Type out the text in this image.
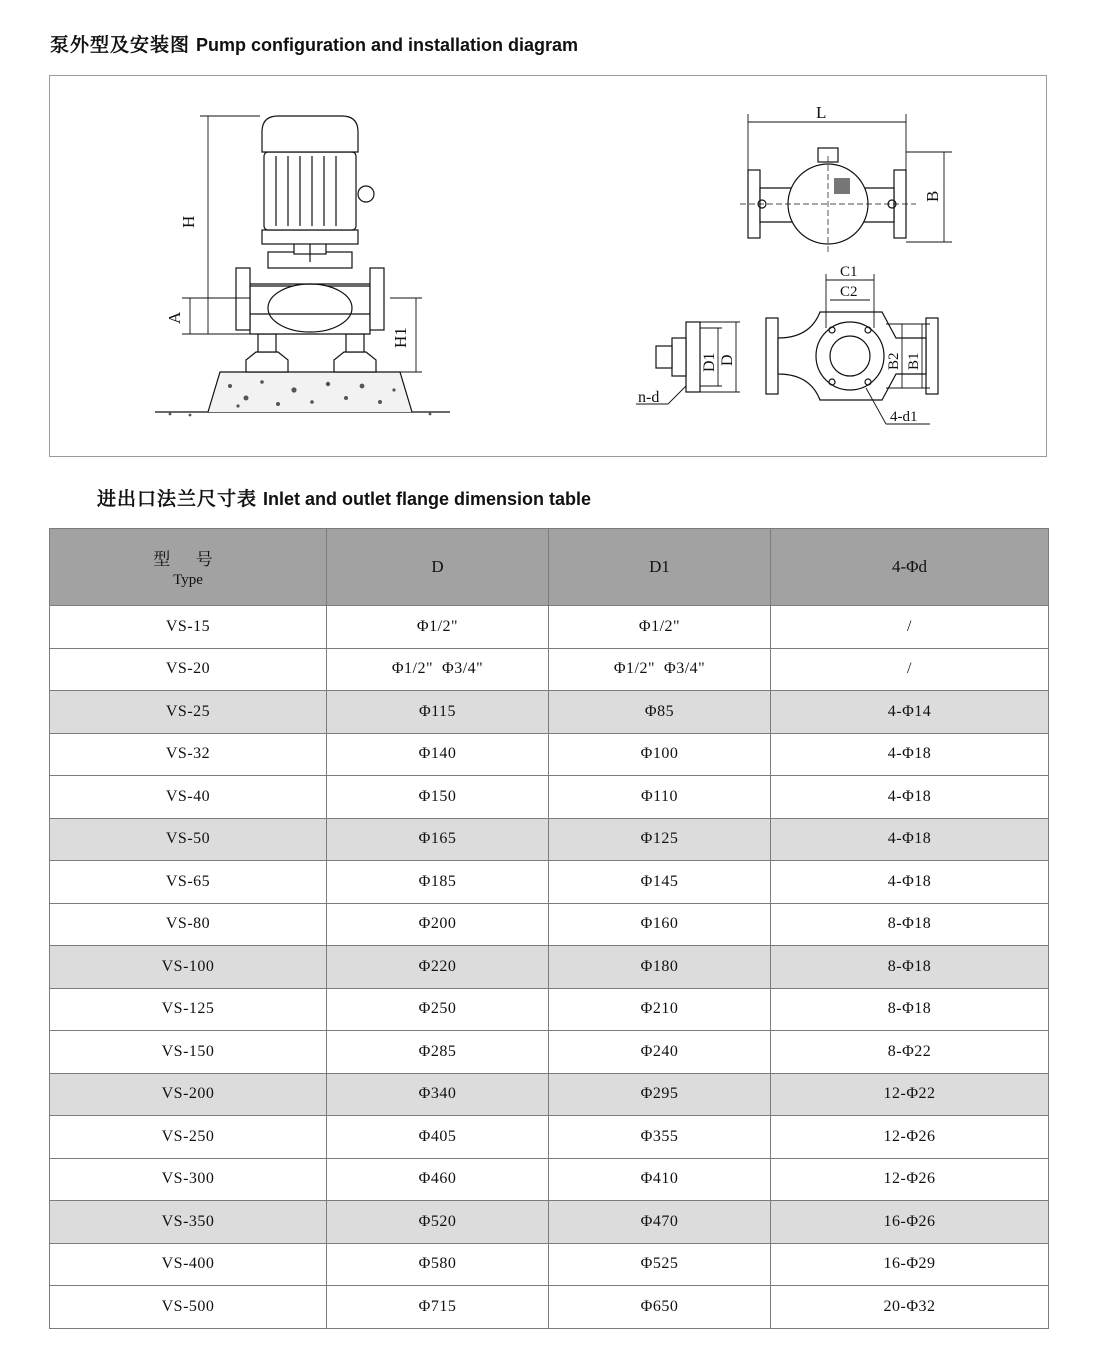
泵外型及安装图 Pump configuration and installation diagram
H
A
H1
L
B
D1 D
n-d
C1
C2
B2 B1
4-d1
进出口法兰尺寸表 Inlet and outlet flange dimension table
型 号
Type	D	D1	4-Φd
VS-15	Φ1/2"	Φ1/2"	/
VS-20	Φ1/2"  Φ3/4"	Φ1/2"  Φ3/4"	/
VS-25	Φ115	Φ85	4-Φ14
VS-32	Φ140	Φ100	4-Φ18
VS-40	Φ150	Φ110	4-Φ18
VS-50	Φ165	Φ125	4-Φ18
VS-65	Φ185	Φ145	4-Φ18
VS-80	Φ200	Φ160	8-Φ18
VS-100	Φ220	Φ180	8-Φ18
VS-125	Φ250	Φ210	8-Φ18
VS-150	Φ285	Φ240	8-Φ22
VS-200	Φ340	Φ295	12-Φ22
VS-250	Φ405	Φ355	12-Φ26
VS-300	Φ460	Φ410	12-Φ26
VS-350	Φ520	Φ470	16-Φ26
VS-400	Φ580	Φ525	16-Φ29
VS-500	Φ715	Φ650	20-Φ32
